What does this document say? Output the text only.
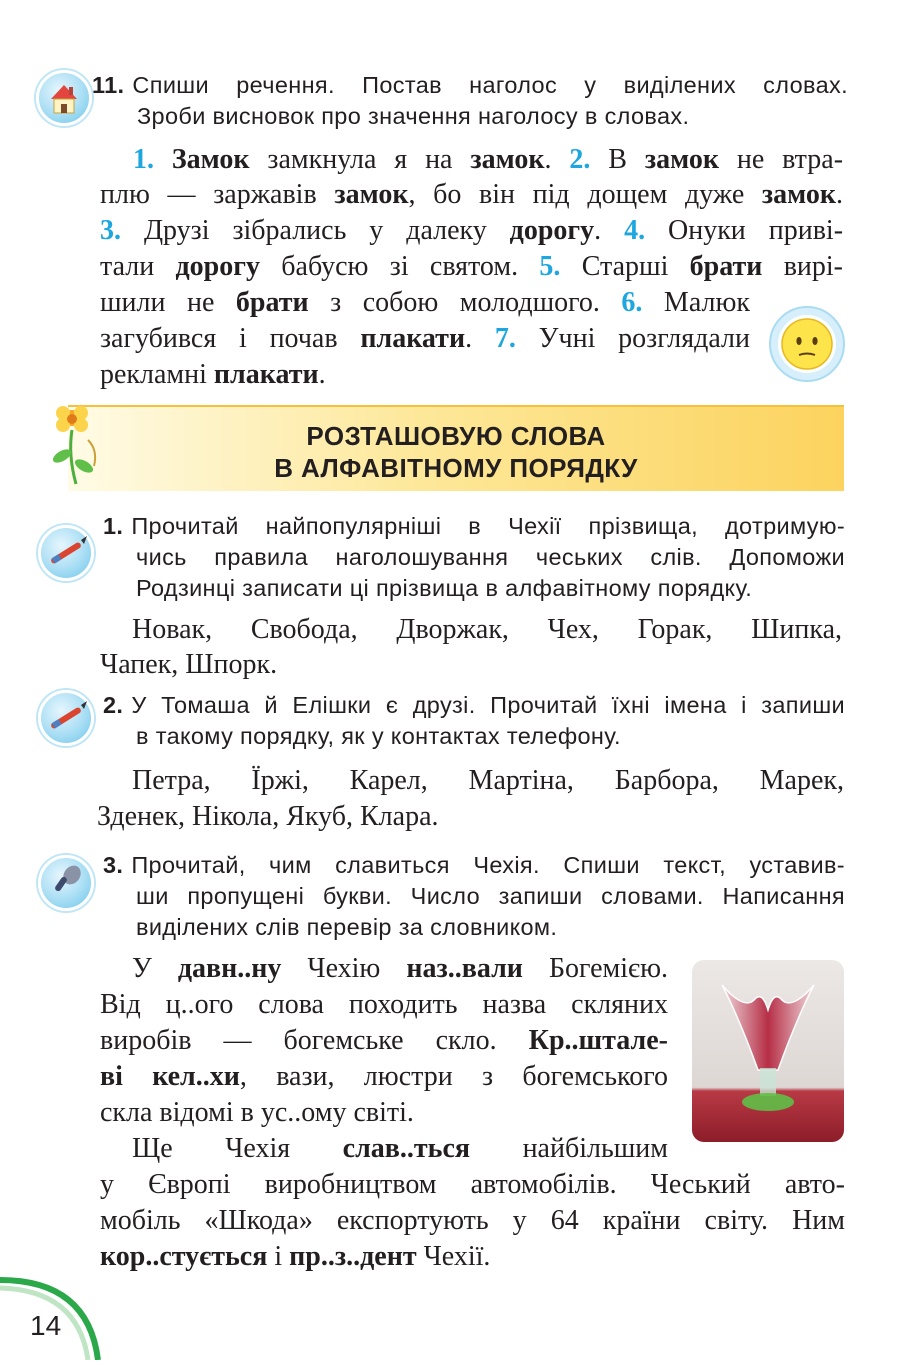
11. Спиши речення. Постав наголос у виділених словах.
Зроби висновок про значення наголосу в словах.
1. Замок замкнула я на замок. 2. В замок не втра-
плю — заржавів замок, бо він під дощем дуже замок.
3. Друзі зібрались у далеку дорогу. 4. Онуки приві-
тали дорогу бабусю зі святом. 5. Старші брати вирі-
шили не брати з собою молодшого. 6. Малюк
загубився і почав плакати. 7. Учні розглядали
рекламні плакати.
РОЗТАШОВУЮ СЛОВА
В АЛФАВІТНОМУ ПОРЯДКУ
1. Прочитай найпопулярніші в Чехії прізвища, дотримую-
чись правила наголошування чеських слів. Допоможи
Родзинці записати ці прізвища в алфавітному порядку.
Новак, Свобода, Дворжак, Чех, Горак, Шипка,
Чапек, Шпорк.
2. У Томаша й Елішки є друзі. Прочитай їхні імена і запиши
в такому порядку, як у контактах телефону.
Петра, Їржі, Карел, Мартіна, Барбора, Марек,
Зденек, Нікола, Якуб, Клара.
3. Прочитай, чим славиться Чехія. Спиши текст, уставив-
ши пропущені букви. Число запиши словами. Написання
виділених слів перевір за словником.
У давн..ну Чехію наз..вали Богемією.
Від ц..ого слова походить назва скляних
виробів — богемське скло. Кр..штале-
ві кел..хи, вази, люстри з богемського
скла відомі в ус..ому світі.
Ще Чехія слав..ться найбільшим
у Європі виробництвом автомобілів. Чеський авто-
мобіль «Шкода» експортують у 64 країни світу. Ним
кор..стується і пр..з..дент Чехії.
14
